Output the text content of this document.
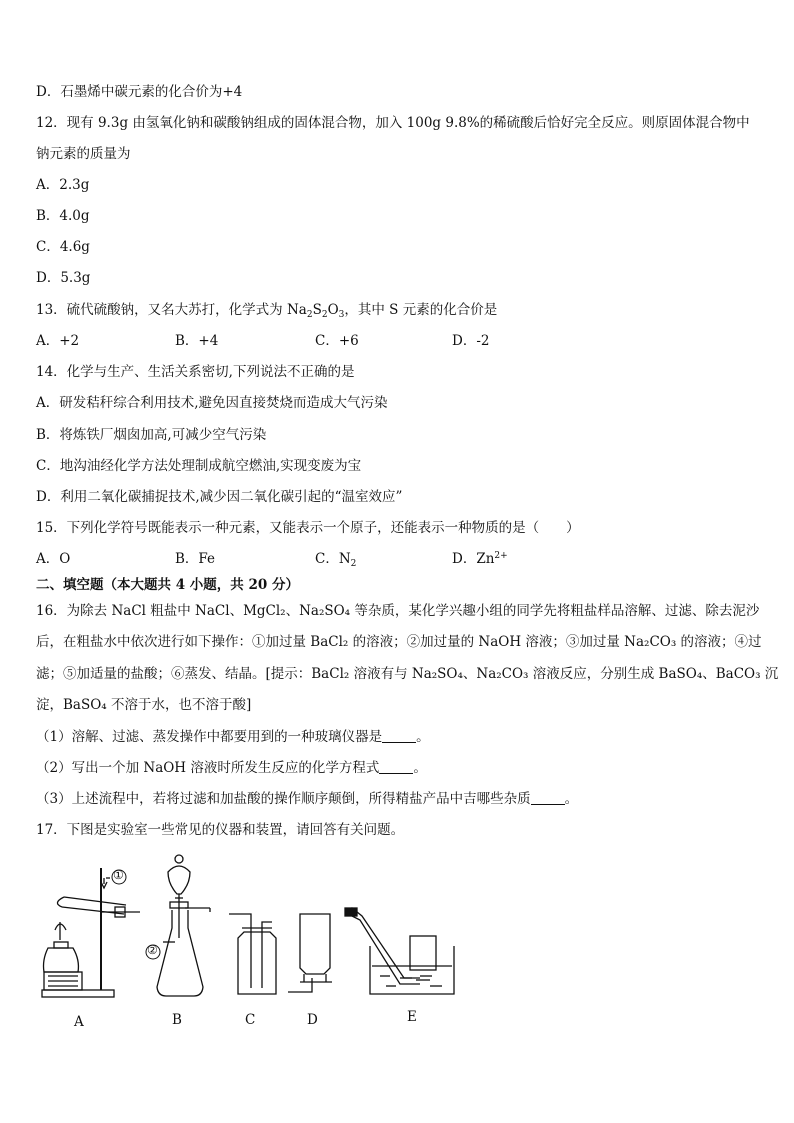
D．石墨烯中碳元素的化合价为+4
12．现有 9.3g 由氢氧化钠和碳酸钠组成的固体混合物，加入 100g 9.8%的稀硫酸后恰好完全反应。则原固体混合物中
钠元素的质量为
A．2.3g
B．4.0g
C．4.6g
D．5.3g
13．硫代硫酸钠，又名大苏打，化学式为 $Na_2S_2O_3$，其中 S 元素的化合价是
A．+2	B．+4	C．+6	D．-2
14．化学与生产、生活关系密切,下列说法不正确的是
A．研发秸秆综合利用技术,避免因直接焚烧而造成大气污染
B．将炼铁厂烟囱加高,可减少空气污染
C．地沟油经化学方法处理制成航空燃油,实现变废为宝
D．利用二氧化碳捕捉技术,减少因二氧化碳引起的“温室效应”
15．下列化学符号既能表示一种元素，又能表示一个原子，还能表示一种物质的是（　　）
A．O	B．Fe	C．$N_2$	D．$Zn^{2+}$
二、填空题（本大题共 4 小题，共 20 分）
16．为除去 NaCl 粗盐中 NaCl、MgCl₂、Na₂SO₄ 等杂质，某化学兴趣小组的同学先将粗盐样品溶解、过滤、除去泥沙
后，在粗盐水中依次进行如下操作：①加过量 BaCl₂ 的溶液；②加过量的 NaOH 溶液；③加过量 Na₂CO₃ 的溶液；④过
滤；⑤加适量的盐酸；⑥蒸发、结晶。[提示：BaCl₂ 溶液有与 Na₂SO₄、Na₂CO₃ 溶液反应，分别生成 BaSO₄、BaCO₃ 沉
淀，BaSO₄ 不溶于水，也不溶于酸]
（1）溶解、过滤、蒸发操作中都要用到的一种玻璃仪器是	。
（2）写出一个加 NaOH 溶液时所发生反应的化学方程式	。
（3）上述流程中，若将过滤和加盐酸的操作顺序颠倒，所得精盐产品中吉哪些杂质	。
17．下图是实验室一些常见的仪器和装置，请回答有关问题。
①
②
A	B	C	D	E
